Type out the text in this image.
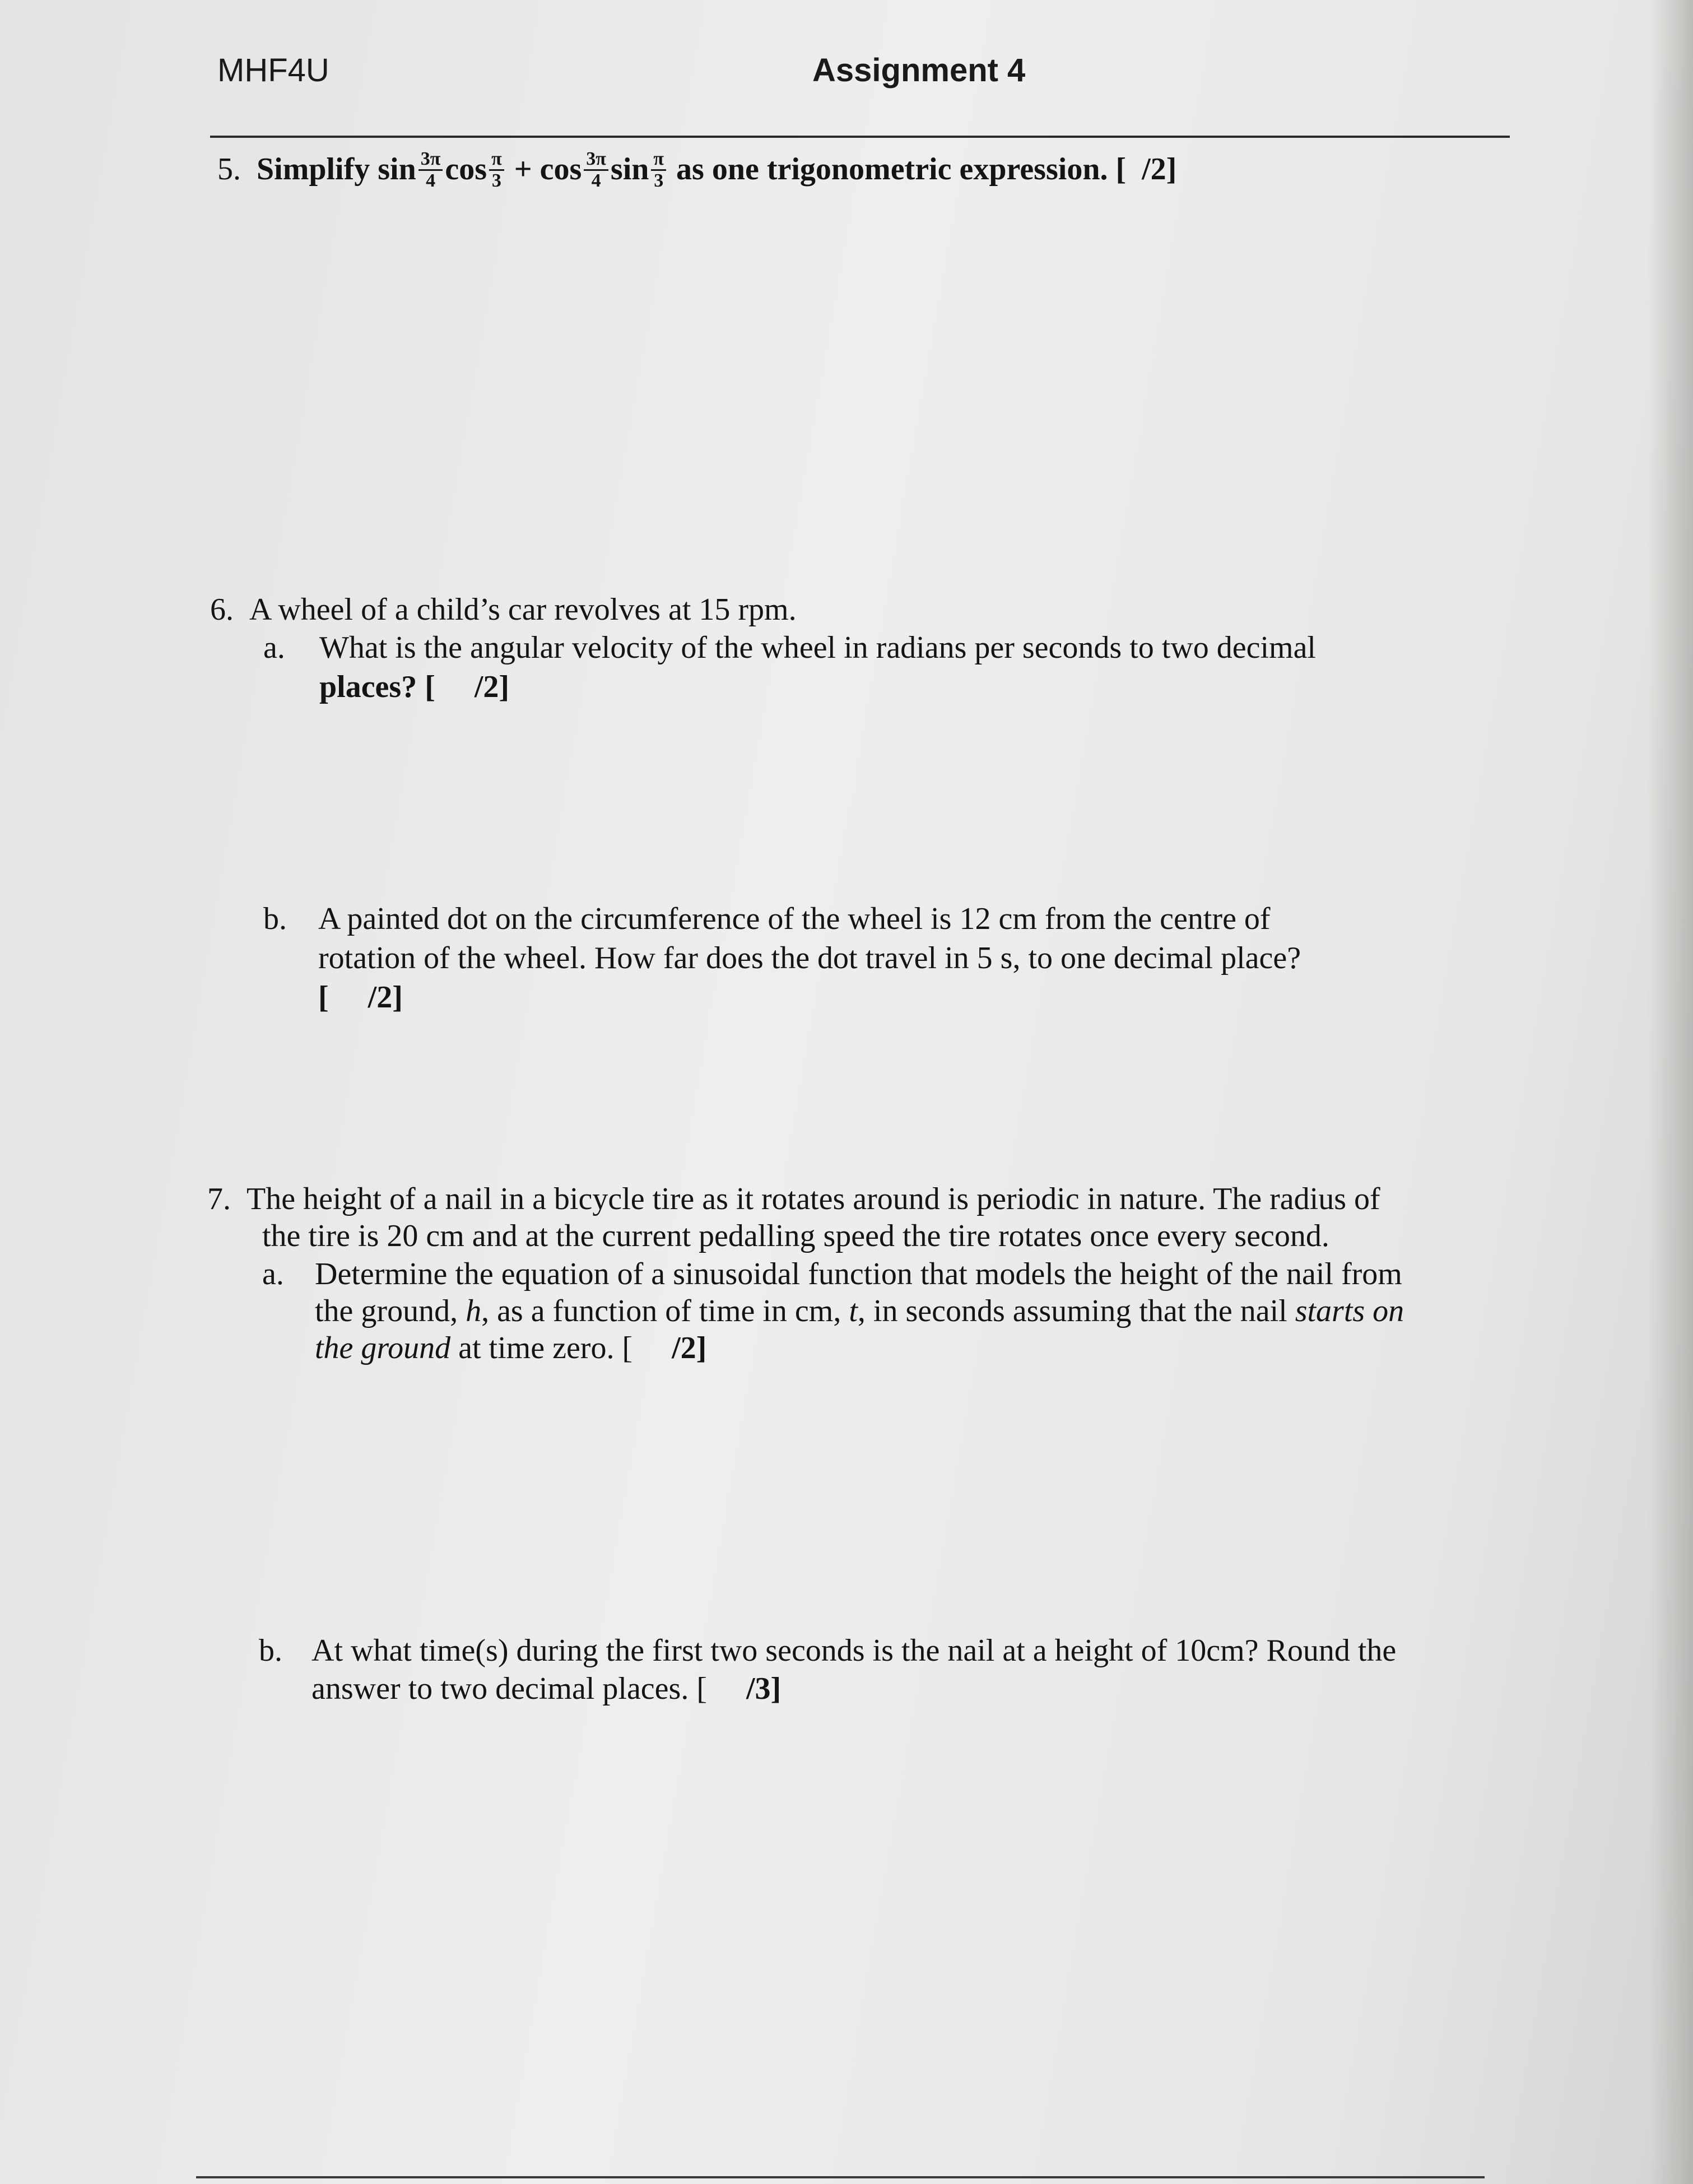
MHF4U	Assignment 4
5. Simplify $\sin \frac{3\pi}{4}$ $\cos \frac{\pi}{3} + \cos \frac{3\pi}{4}$ $\sin \frac{\pi}{3}$ as one trigonometric expression. [ /2]
6. A wheel of a child’s car revolves at 15 rpm.
a. What is the angular velocity of the wheel in radians per seconds to two decimal
places? [ /2]
b. A painted dot on the circumference of the wheel is 12 cm from the centre of
rotation of the wheel. How far does the dot travel in 5 s, to one decimal place?
[ /2]
7. The height of a nail in a bicycle tire as it rotates around is periodic in nature. The radius of
the tire is 20 cm and at the current pedalling speed the tire rotates once every second.
a. Determine the equation of a sinusoidal function that models the height of the nail from
the ground, h, as a function of time in cm, t, in seconds assuming that the nail starts on
the ground at time zero. [ /2]
b. At what time(s) during the first two seconds is the nail at a height of 10cm? Round the
answer to two decimal places. [ /3]
